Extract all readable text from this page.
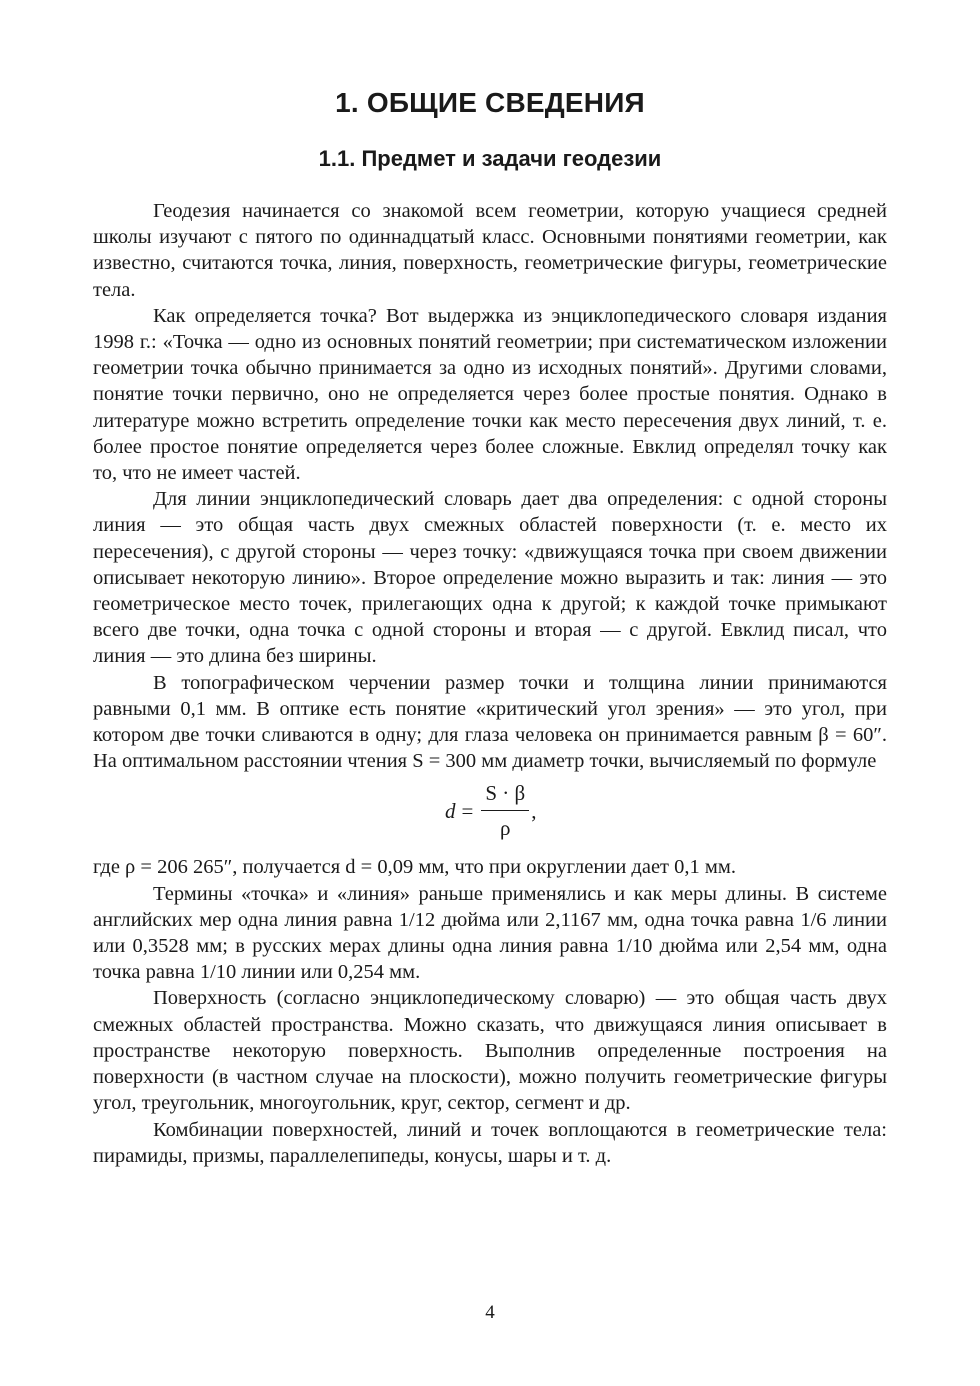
1. ОБЩИЕ СВЕДЕНИЯ
1.1. Предмет и задачи геодезии

Геодезия начинается со знакомой всем геометрии, которую учащиеся средней школы изучают с пятого по одиннадцатый класс. Основными понятиями геометрии, как известно, считаются точка, линия, поверхность, геометрические фигуры, геометрические тела.

Как определяется точка? Вот выдержка из энциклопедического словаря издания 1998 г.: «Точка — одно из основных понятий геометрии; при систематическом изложении геометрии точка обычно принимается за одно из исходных понятий». Другими словами, понятие точки первично, оно не определяется через более простые понятия. Однако в литературе можно встретить определение точки как место пересечения двух линий, т. е. более простое понятие определяется через более сложные. Евклид определял точку как то, что не имеет частей.

Для линии энциклопедический словарь дает два определения: с одной стороны линия — это общая часть двух смежных областей поверхности (т. е. место их пересечения), с другой стороны — через точку: «движущаяся точка при своем движении описывает некоторую линию». Второе определение можно выразить и так: линия — это геометрическое место точек, прилегающих одна к другой; к каждой точке примыкают всего две точки, одна точка с одной стороны и вторая — с другой. Евклид писал, что линия — это длина без ширины.

В топографическом черчении размер точки и толщина линии принимаются равными 0,1 мм. В оптике есть понятие «критический угол зрения» — это угол, при котором две точки сливаются в одну; для глаза человека он принимается равным β = 60″. На оптимальном расстоянии чтения S = 300 мм диаметр точки, вычисляемый по формуле

$d = \frac{S \cdot \beta}{\rho}$ ,

где ρ = 206 265″, получается d = 0,09 мм, что при округлении дает 0,1 мм.

Термины «точка» и «линия» раньше применялись и как меры длины. В системе английских мер одна линия равна 1/12 дюйма или 2,1167 мм, одна точка равна 1/6 линии или 0,3528 мм; в русских мерах длины одна линия равна 1/10 дюйма или 2,54 мм, одна точка равна 1/10 линии или 0,254 мм.

Поверхность (согласно энциклопедическому словарю) — это общая часть двух смежных областей пространства. Можно сказать, что движущаяся линия описывает в пространстве некоторую поверхность. Выполнив определенные построения на поверхности (в частном случае на плоскости), можно получить геометрические фигуры угол, треугольник, многоугольник, круг, сектор, сегмент и др.

Комбинации поверхностей, линий и точек воплощаются в геометрические тела: пирамиды, призмы, параллелепипеды, конусы, шары и т. д.

4
